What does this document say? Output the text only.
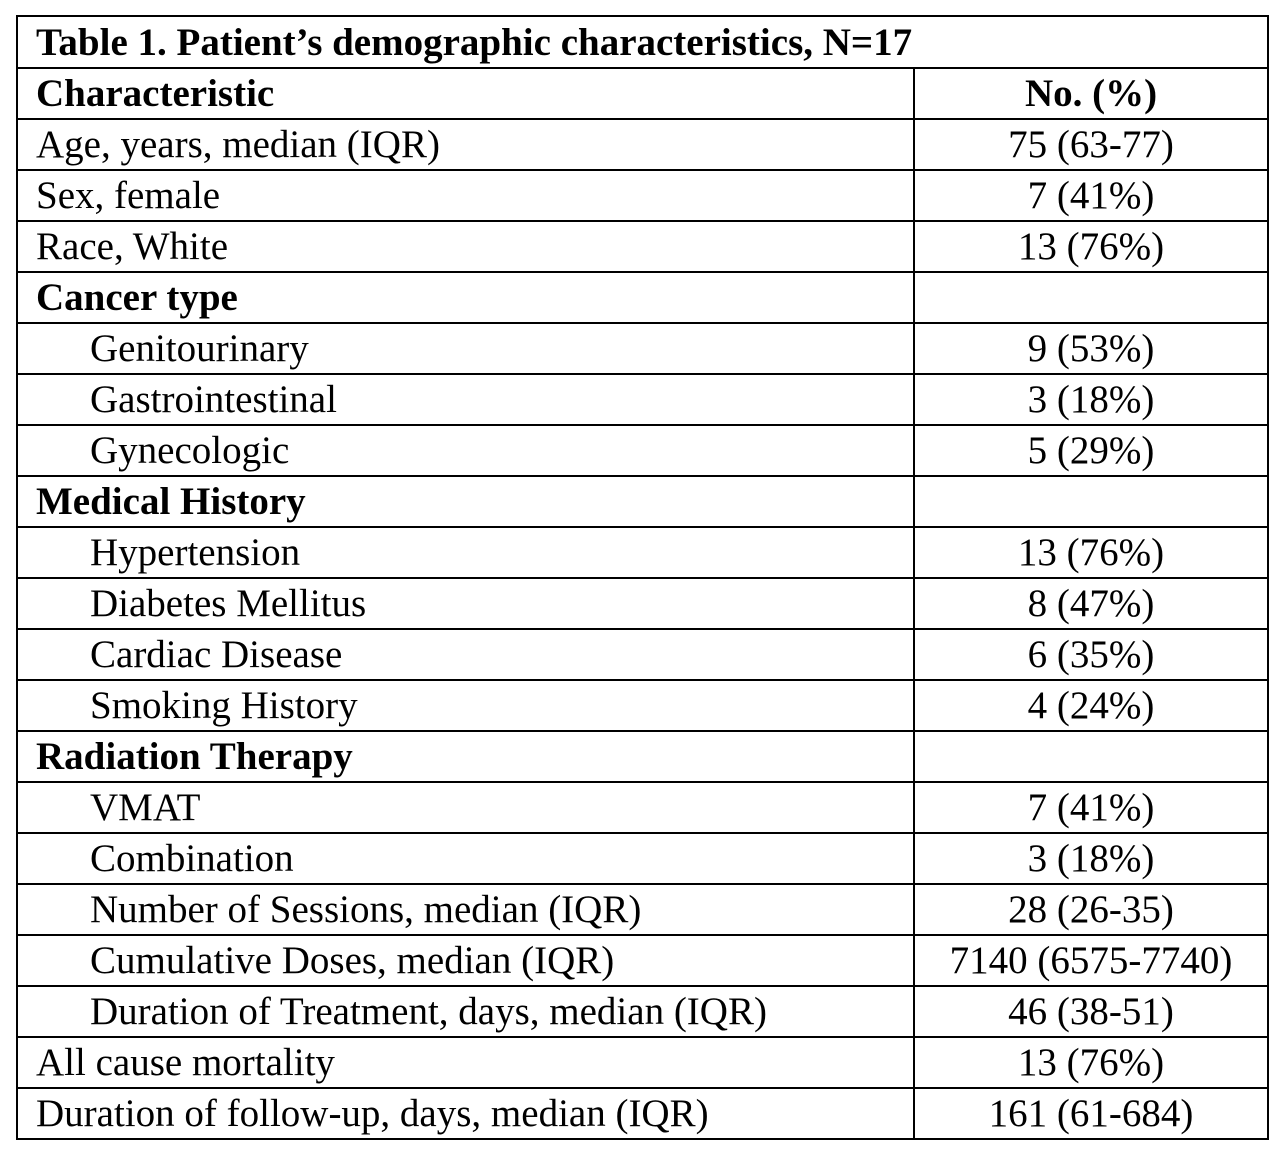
Table 1. Patient’s demographic characteristics, N=17	
Characteristic	No. (%)
Age, years, median (IQR)	75 (63-77)
Sex, female	7 (41%)
Race, White	13 (76%)
Cancer type	
Genitourinary	9 (53%)
Gastrointestinal	3 (18%)
Gynecologic	5 (29%)
Medical History	
Hypertension	13 (76%)
Diabetes Mellitus	8 (47%)
Cardiac Disease	6 (35%)
Smoking History	4 (24%)
Radiation Therapy	
VMAT	7 (41%)
Combination	3 (18%)
Number of Sessions, median (IQR)	28 (26-35)
Cumulative Doses, median (IQR)	7140 (6575-7740)
Duration of Treatment, days, median (IQR)	46 (38-51)
All cause mortality	13 (76%)
Duration of follow-up, days, median (IQR)	161 (61-684)
